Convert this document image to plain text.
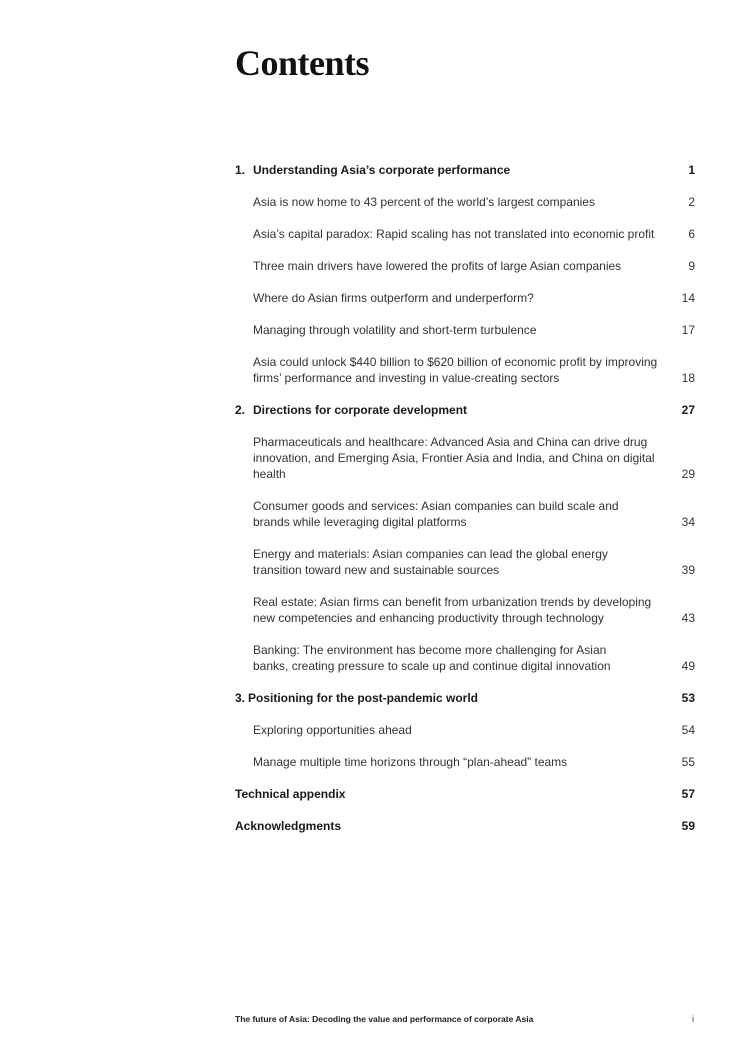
Contents
1. Understanding Asia’s corporate performance	1
Asia is now home to 43 percent of the world’s largest companies	2
Asia’s capital paradox: Rapid scaling has not translated into economic profit	6
Three main drivers have lowered the profits of large Asian companies	9
Where do Asian firms outperform and underperform?	14
Managing through volatility and short-term turbulence	17
Asia could unlock $440 billion to $620 billion of economic profit by improving firms’ performance and investing in value-creating sectors	18
2. Directions for corporate development	27
Pharmaceuticals and healthcare: Advanced Asia and China can drive drug innovation, and Emerging Asia, Frontier Asia and India, and China on digital health	29
Consumer goods and services: Asian companies can build scale and brands while leveraging digital platforms	34
Energy and materials: Asian companies can lead the global energy transition toward new and sustainable sources	39
Real estate: Asian firms can benefit from urbanization trends by developing new competencies and enhancing productivity through technology	43
Banking: The environment has become more challenging for Asian banks, creating pressure to scale up and continue digital innovation	49
3. Positioning for the post-pandemic world	53
Exploring opportunities ahead	54
Manage multiple time horizons through “plan-ahead” teams	55
Technical appendix	57
Acknowledgments	59
The future of Asia: Decoding the value and performance of corporate Asia	i
